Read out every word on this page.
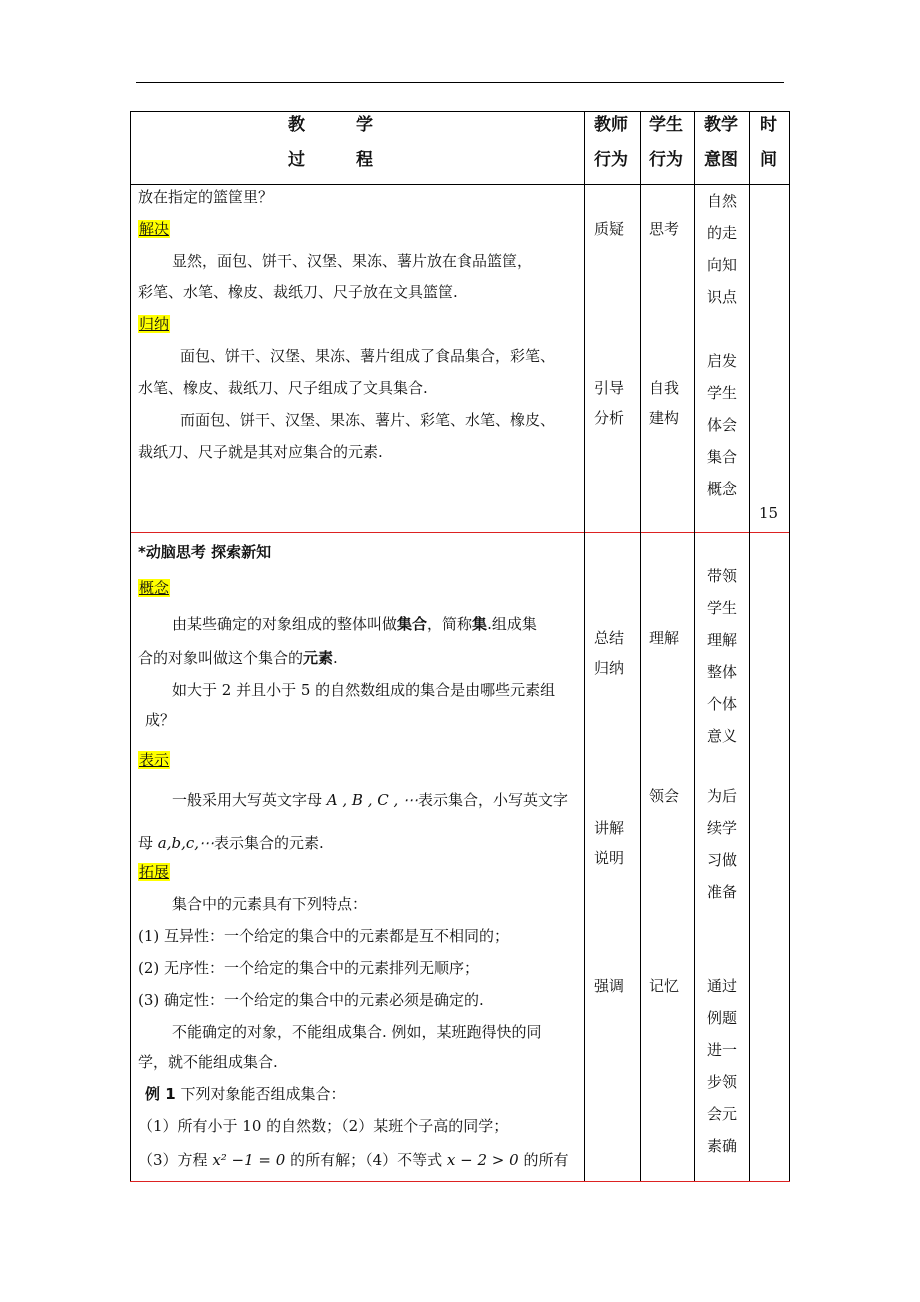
教　　　学
过　　　程
教师
行为
学生
行为
教学
意图
时
间
放在指定的篮筐里？
解决
显然，面包、饼干、汉堡、果冻、薯片放在食品篮筐，
彩笔、水笔、橡皮、裁纸刀、尺子放在文具篮筐.
归纳
面包、饼干、汉堡、果冻、薯片组成了食品集合，彩笔、
水笔、橡皮、裁纸刀、尺子组成了文具集合.
而面包、饼干、汉堡、果冻、薯片、彩笔、水笔、橡皮、
裁纸刀、尺子就是其对应集合的元素.
质疑
引导
分析
思考
自我
建构
自然
的走
向知
识点

启发
学生
体会
集合
概念
15
*动脑思考 探索新知
概念
由某些确定的对象组成的整体叫做集合，简称集.组成集
合的对象叫做这个集合的元素.
如大于 2 并且小于 5 的自然数组成的集合是由哪些元素组
成？
表示
一般采用大写英文字母 A , B , C , ⋯表示集合，小写英文字
母 a,b,c,⋯表示集合的元素.
拓展
集合中的元素具有下列特点：
(1) 互异性：一个给定的集合中的元素都是互不相同的；
(2) 无序性：一个给定的集合中的元素排列无顺序；
(3) 确定性：一个给定的集合中的元素必须是确定的.
不能确定的对象，不能组成集合. 例如，某班跑得快的同
学，就不能组成集合.
例 1 下列对象能否组成集合：
（1）所有小于 10 的自然数；（2）某班个子高的同学；
（3）方程 x² −1 = 0 的所有解；（4）不等式 x − 2 > 0 的所有
总结
归纳
讲解
说明
强调
理解
领会
记忆
带领
学生
理解
整体
个体
意义
为后
续学
习做
准备
通过
例题
进一
步领
会元
素确
